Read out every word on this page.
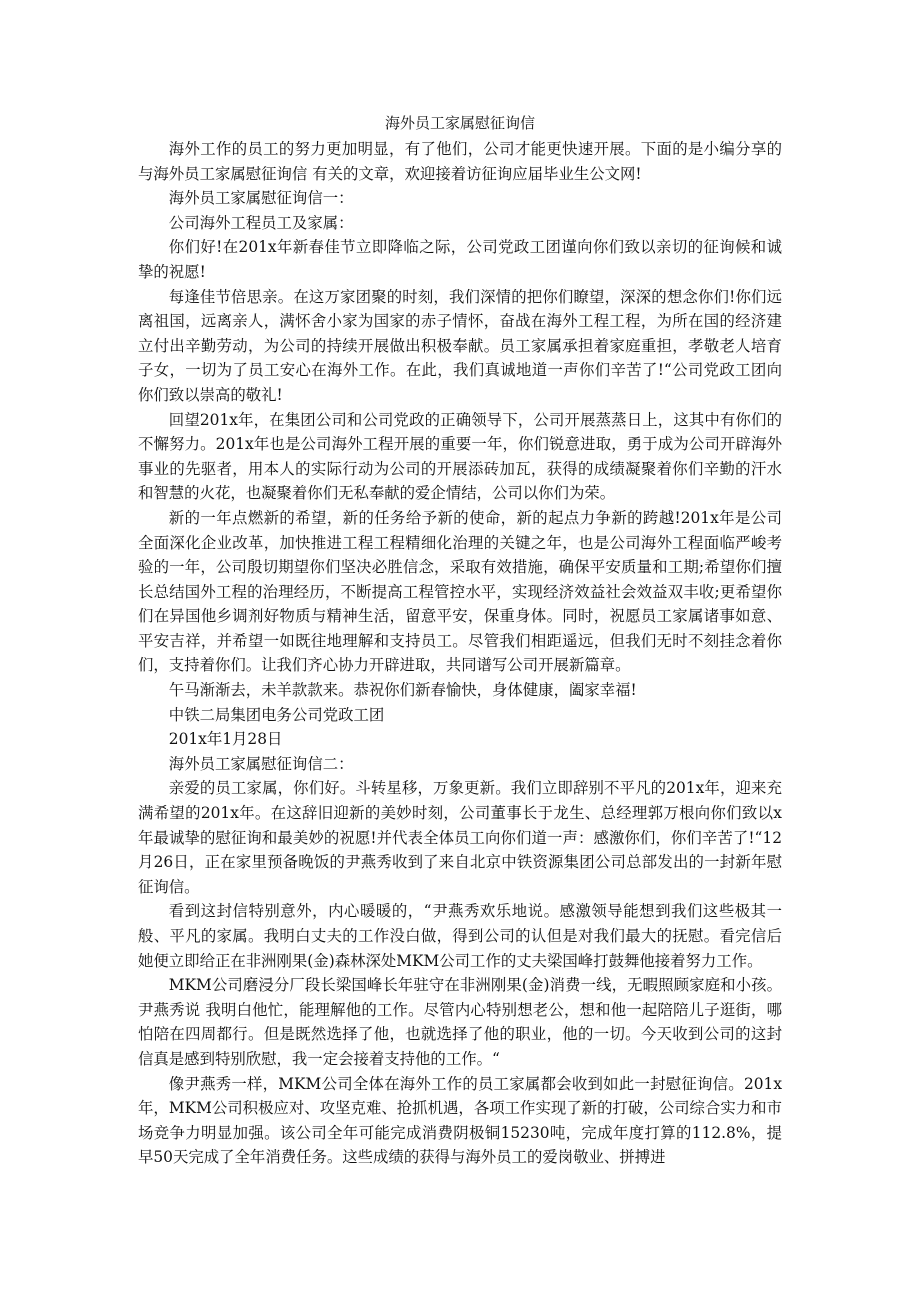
海外员工家属慰征询信

海外工作的员工的努力更加明显，有了他们，公司才能更快速开展。下面的是小编分享的与海外员工家属慰征询信 有关的文章，欢迎接着访征询应届毕业生公文网!

海外员工家属慰征询信一：

公司海外工程员工及家属：

你们好!在201x年新春佳节立即降临之际，公司党政工团谨向你们致以亲切的征询候和诚挚的祝愿!

每逢佳节倍思亲。在这万家团聚的时刻，我们深情的把你们瞭望，深深的想念你们!你们远离祖国，远离亲人，满怀舍小家为国家的赤子情怀，奋战在海外工程工程，为所在国的经济建立付出辛勤劳动，为公司的持续开展做出积极奉献。员工家属承担着家庭重担，孝敬老人培育子女，一切为了员工安心在海外工作。在此，我们真诚地道一声你们辛苦了!“公司党政工团向你们致以崇高的敬礼!

回望201x年，在集团公司和公司党政的正确领导下，公司开展蒸蒸日上，这其中有你们的不懈努力。201x年也是公司海外工程开展的重要一年，你们锐意进取，勇于成为公司开辟海外事业的先驱者，用本人的实际行动为公司的开展添砖加瓦，获得的成绩凝聚着你们辛勤的汗水和智慧的火花，也凝聚着你们无私奉献的爱企情结，公司以你们为荣。

新的一年点燃新的希望，新的任务给予新的使命，新的起点力争新的跨越!201x年是公司全面深化企业改革，加快推进工程工程精细化治理的关键之年，也是公司海外工程面临严峻考验的一年，公司殷切期望你们坚决必胜信念，采取有效措施，确保平安质量和工期;希望你们擅长总结国外工程的治理经历，不断提高工程管控水平，实现经济效益社会效益双丰收;更希望你们在异国他乡调剂好物质与精神生活，留意平安，保重身体。同时，祝愿员工家属诸事如意、平安吉祥，并希望一如既往地理解和支持员工。尽管我们相距遥远，但我们无时不刻挂念着你们，支持着你们。让我们齐心协力开辟进取，共同谱写公司开展新篇章。

午马渐渐去，未羊款款来。恭祝你们新春愉快，身体健康，阖家幸福!

中铁二局集团电务公司党政工团

201x年1月28日

海外员工家属慰征询信二：

亲爱的员工家属，你们好。斗转星移，万象更新。我们立即辞别不平凡的201x年，迎来充满希望的201x年。在这辞旧迎新的美妙时刻，公司董事长于龙生、总经理郭万根向你们致以x年最诚挚的慰征询和最美妙的祝愿!并代表全体员工向你们道一声：感激你们，你们辛苦了!“12月26日，正在家里预备晚饭的尹燕秀收到了来自北京中铁资源集团公司总部发出的一封新年慰征询信。

看到这封信特别意外，内心暖暖的，“尹燕秀欢乐地说。感激领导能想到我们这些极其一般、平凡的家属。我明白丈夫的工作没白做，得到公司的认但是对我们最大的抚慰。看完信后她便立即给正在非洲刚果(金)森林深处MKM公司工作的丈夫梁国峰打鼓舞他接着努力工作。

MKM公司磨浸分厂段长梁国峰长年驻守在非洲刚果(金)消费一线，无暇照顾家庭和小孩。尹燕秀说 我明白他忙，能理解他的工作。尽管内心特别想老公，想和他一起陪陪儿子逛街，哪怕陪在四周都行。但是既然选择了他，也就选择了他的职业，他的一切。今天收到公司的这封信真是感到特别欣慰，我一定会接着支持他的工作。“

像尹燕秀一样，MKM公司全体在海外工作的员工家属都会收到如此一封慰征询信。201x年，MKM公司积极应对、攻坚克难、抢抓机遇，各项工作实现了新的打破，公司综合实力和市场竞争力明显加强。该公司全年可能完成消费阴极铜15230吨，完成年度打算的112.8%，提早50天完成了全年消费任务。这些成绩的获得与海外员工的爱岗敬业、拼搏进
